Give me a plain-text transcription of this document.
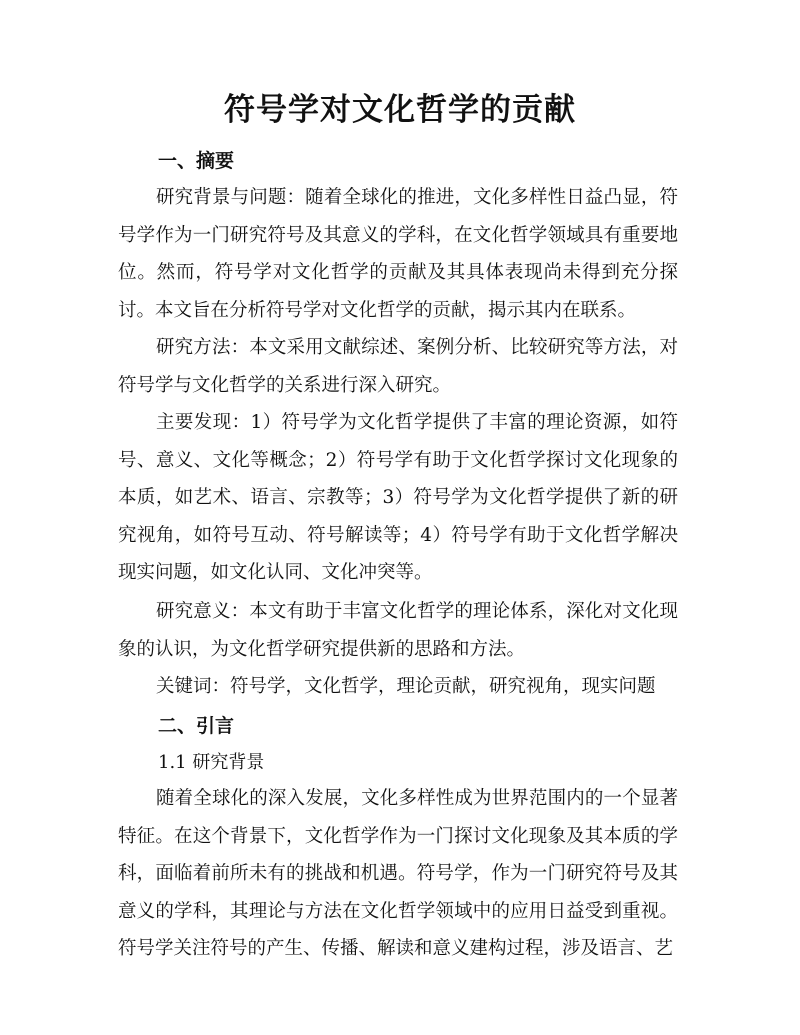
符号学对文化哲学的贡献
一、摘要
研究背景与问题：随着全球化的推进，文化多样性日益凸显，符号学作为一门研究符号及其意义的学科，在文化哲学领域具有重要地位。然而，符号学对文化哲学的贡献及其具体表现尚未得到充分探讨。本文旨在分析符号学对文化哲学的贡献，揭示其内在联系。
研究方法：本文采用文献综述、案例分析、比较研究等方法，对符号学与文化哲学的关系进行深入研究。
主要发现：1）符号学为文化哲学提供了丰富的理论资源，如符号、意义、文化等概念；2）符号学有助于文化哲学探讨文化现象的本质，如艺术、语言、宗教等；3）符号学为文化哲学提供了新的研究视角，如符号互动、符号解读等；4）符号学有助于文化哲学解决现实问题，如文化认同、文化冲突等。
研究意义：本文有助于丰富文化哲学的理论体系，深化对文化现象的认识，为文化哲学研究提供新的思路和方法。
关键词：符号学，文化哲学，理论贡献，研究视角，现实问题
二、引言
1.1 研究背景
随着全球化的深入发展，文化多样性成为世界范围内的一个显著特征。在这个背景下，文化哲学作为一门探讨文化现象及其本质的学科，面临着前所未有的挑战和机遇。符号学，作为一门研究符号及其意义的学科，其理论与方法在文化哲学领域中的应用日益受到重视。符号学关注符号的产生、传播、解读和意义建构过程，涉及语言、艺
